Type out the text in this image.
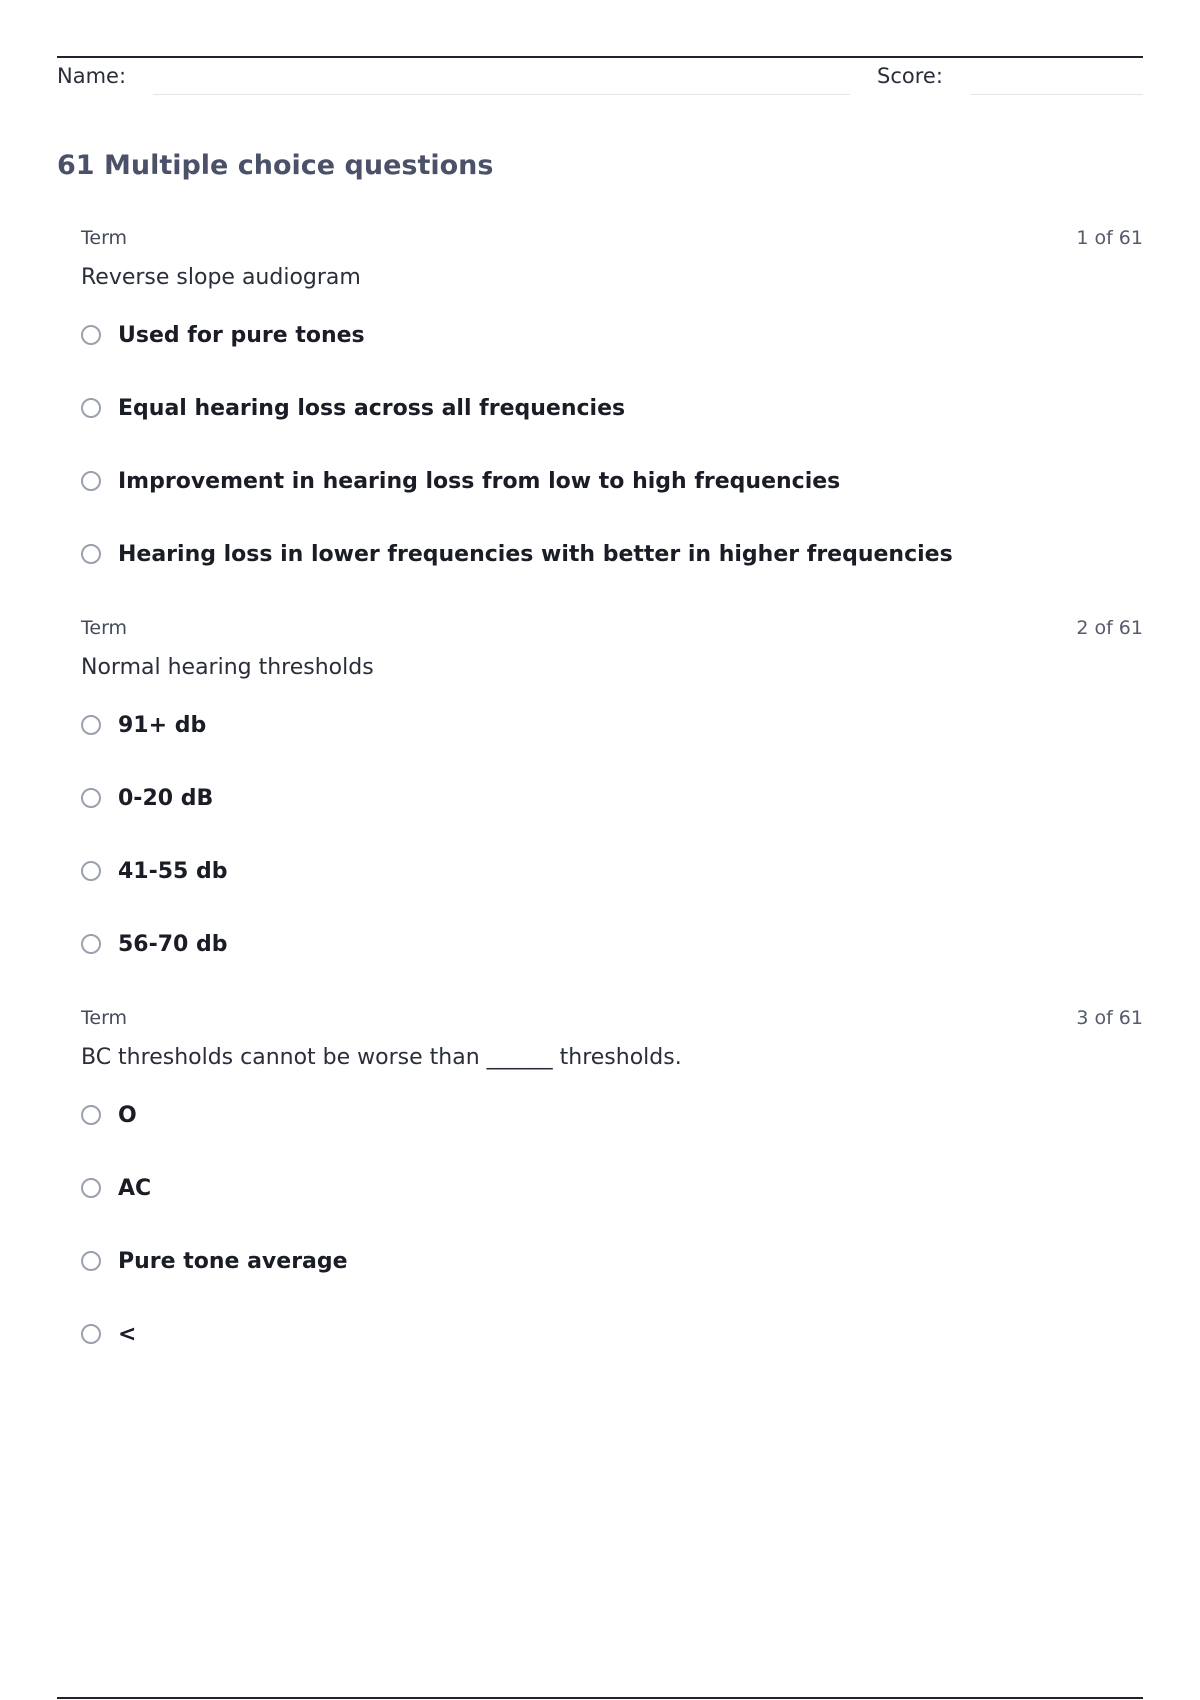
Name:	Score:
61 Multiple choice questions
Term	1 of 61
Reverse slope audiogram
Used for pure tones
Equal hearing loss across all frequencies
Improvement in hearing loss from low to high frequencies
Hearing loss in lower frequencies with better in higher frequencies
Term	2 of 61
Normal hearing thresholds
91+ db
0-20 dB
41-55 db
56-70 db
Term	3 of 61
BC thresholds cannot be worse than ______ thresholds.
O
AC
Pure tone average
<
